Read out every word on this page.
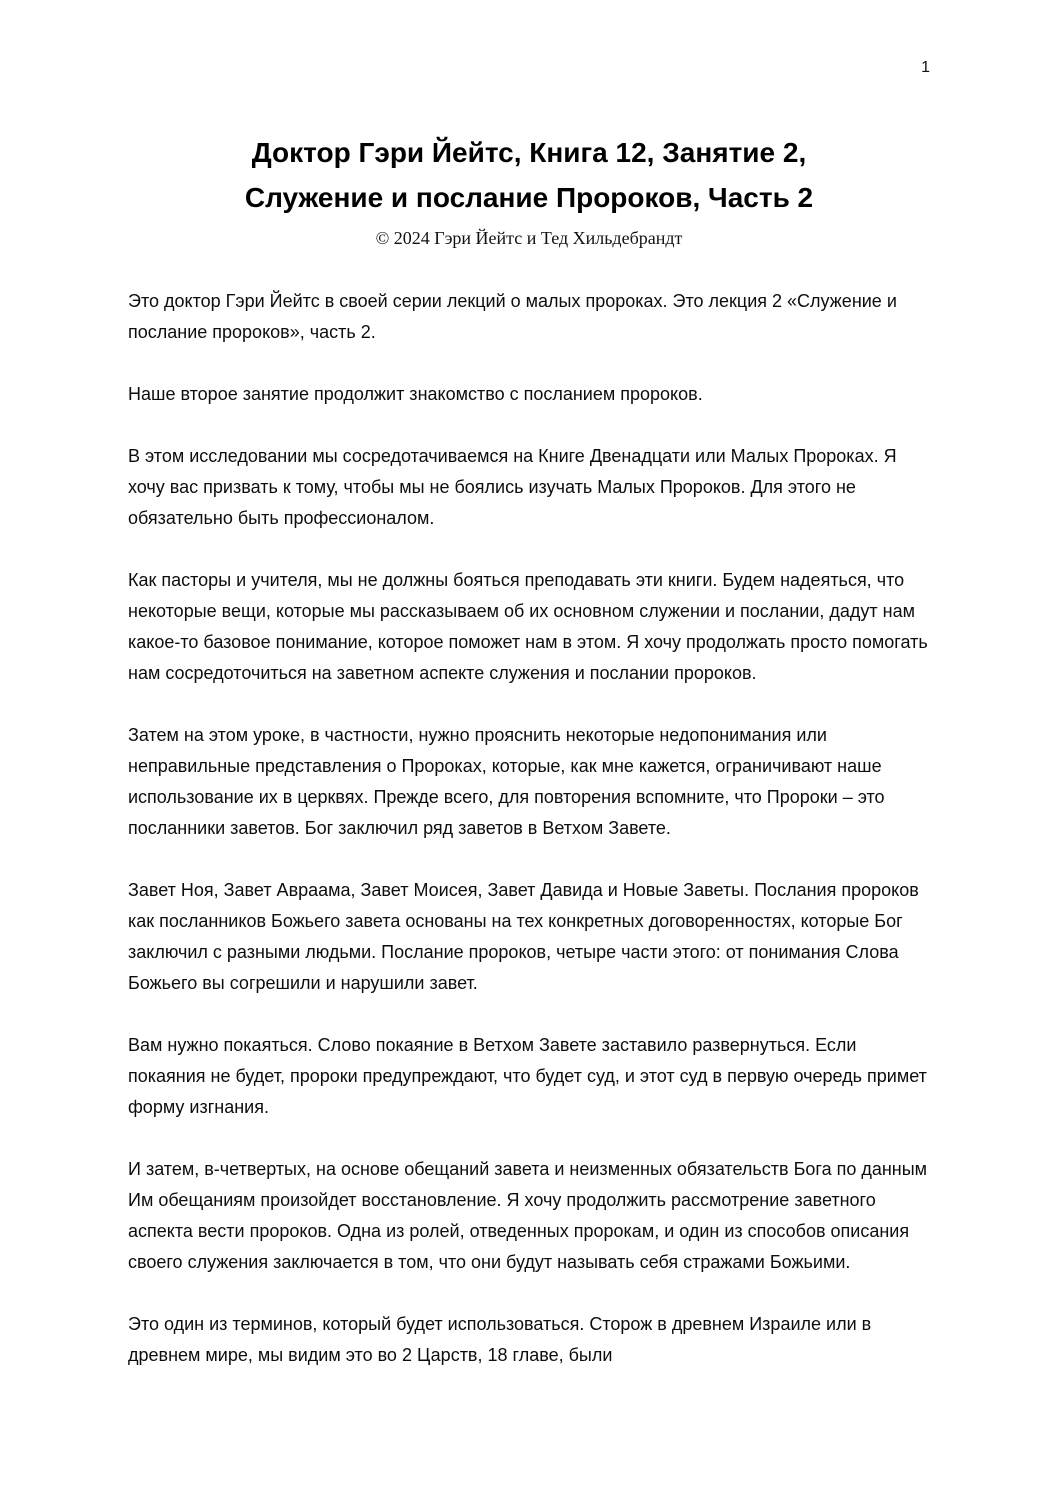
1
Доктор Гэри Йейтс, Книга 12, Занятие 2,
Служение и послание Пророков, Часть 2
© 2024 Гэри Йейтс и Тед Хильдебрандт

Это доктор Гэри Йейтс в своей серии лекций о малых пророках. Это лекция 2 «Служение и послание пророков», часть 2.

Наше второе занятие продолжит знакомство с посланием пророков.

В этом исследовании мы сосредотачиваемся на Книге Двенадцати или Малых Пророках. Я хочу вас призвать к тому, чтобы мы не боялись изучать Малых Пророков. Для этого не обязательно быть профессионалом.

Как пасторы и учителя, мы не должны бояться преподавать эти книги. Будем надеяться, что некоторые вещи, которые мы рассказываем об их основном служении и послании, дадут нам какое-то базовое понимание, которое поможет нам в этом. Я хочу продолжать просто помогать нам сосредоточиться на заветном аспекте служения и послании пророков.

Затем на этом уроке, в частности, нужно прояснить некоторые недопонимания или неправильные представления о Пророках, которые, как мне кажется, ограничивают наше использование их в церквях. Прежде всего, для повторения вспомните, что Пророки – это посланники заветов. Бог заключил ряд заветов в Ветхом Завете.

Завет Ноя, Завет Авраама, Завет Моисея, Завет Давида и Новые Заветы. Послания пророков как посланников Божьего завета основаны на тех конкретных договоренностях, которые Бог заключил с разными людьми. Послание пророков, четыре части этого: от понимания Слова Божьего вы согрешили и нарушили завет.

Вам нужно покаяться. Слово покаяние в Ветхом Завете заставило развернуться. Если покаяния не будет, пророки предупреждают, что будет суд, и этот суд в первую очередь примет форму изгнания.

И затем, в-четвертых, на основе обещаний завета и неизменных обязательств Бога по данным Им обещаниям произойдет восстановление. Я хочу продолжить рассмотрение заветного аспекта вести пророков. Одна из ролей, отведенных пророкам, и один из способов описания своего служения заключается в том, что они будут называть себя стражами Божьими.

Это один из терминов, который будет использоваться. Сторож в древнем Израиле или в древнем мире, мы видим это во 2 Царств, 18 главе, были
